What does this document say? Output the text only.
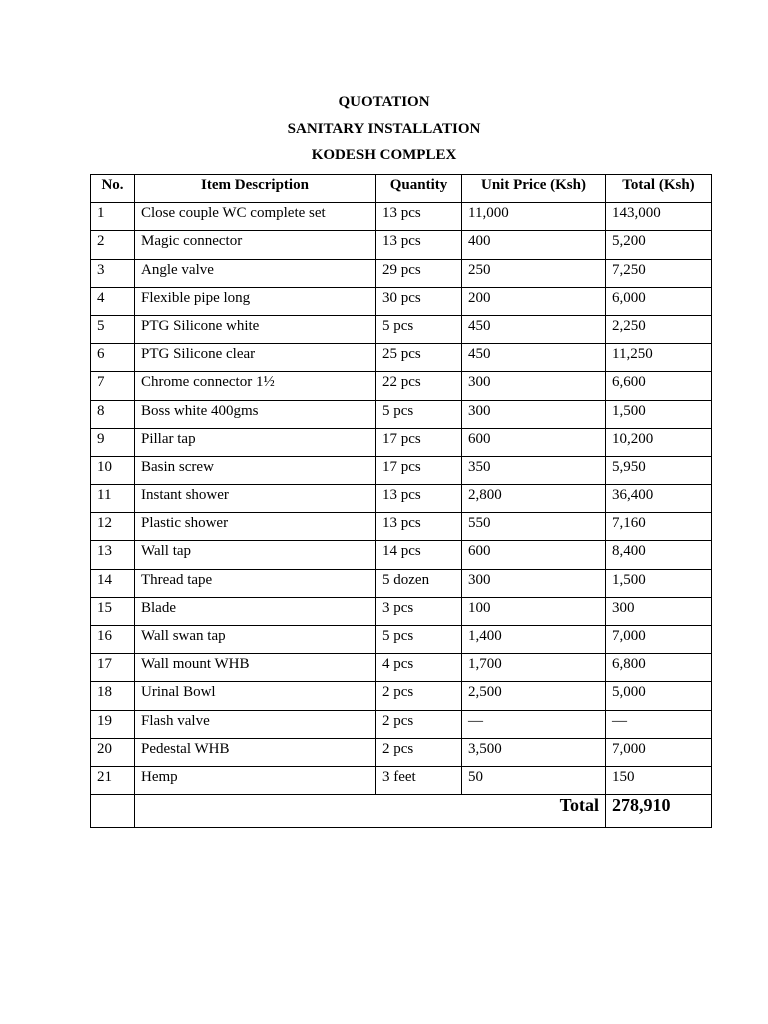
QUOTATION
SANITARY INSTALLATION
KODESH COMPLEX
No.	Item Description	Quantity	Unit Price (Ksh)	Total (Ksh)
1	Close couple WC complete set	13 pcs	11,000	143,000
2	Magic connector	13 pcs	400	5,200
3	Angle valve	29 pcs	250	7,250
4	Flexible pipe long	30 pcs	200	6,000
5	PTG Silicone white	5 pcs	450	2,250
6	PTG Silicone clear	25 pcs	450	11,250
7	Chrome connector 1½	22 pcs	300	6,600
8	Boss white 400gms	5 pcs	300	1,500
9	Pillar tap	17 pcs	600	10,200
10	Basin screw	17 pcs	350	5,950
11	Instant shower	13 pcs	2,800	36,400
12	Plastic shower	13 pcs	550	7,160
13	Wall tap	14 pcs	600	8,400
14	Thread tape	5 dozen	300	1,500
15	Blade	3 pcs	100	300
16	Wall swan tap	5 pcs	1,400	7,000
17	Wall mount WHB	4 pcs	1,700	6,800
18	Urinal Bowl	2 pcs	2,500	5,000
19	Flash valve	2 pcs	—	—
20	Pedestal WHB	2 pcs	3,500	7,000
21	Hemp	3 feet	50	150
	Total			278,910
